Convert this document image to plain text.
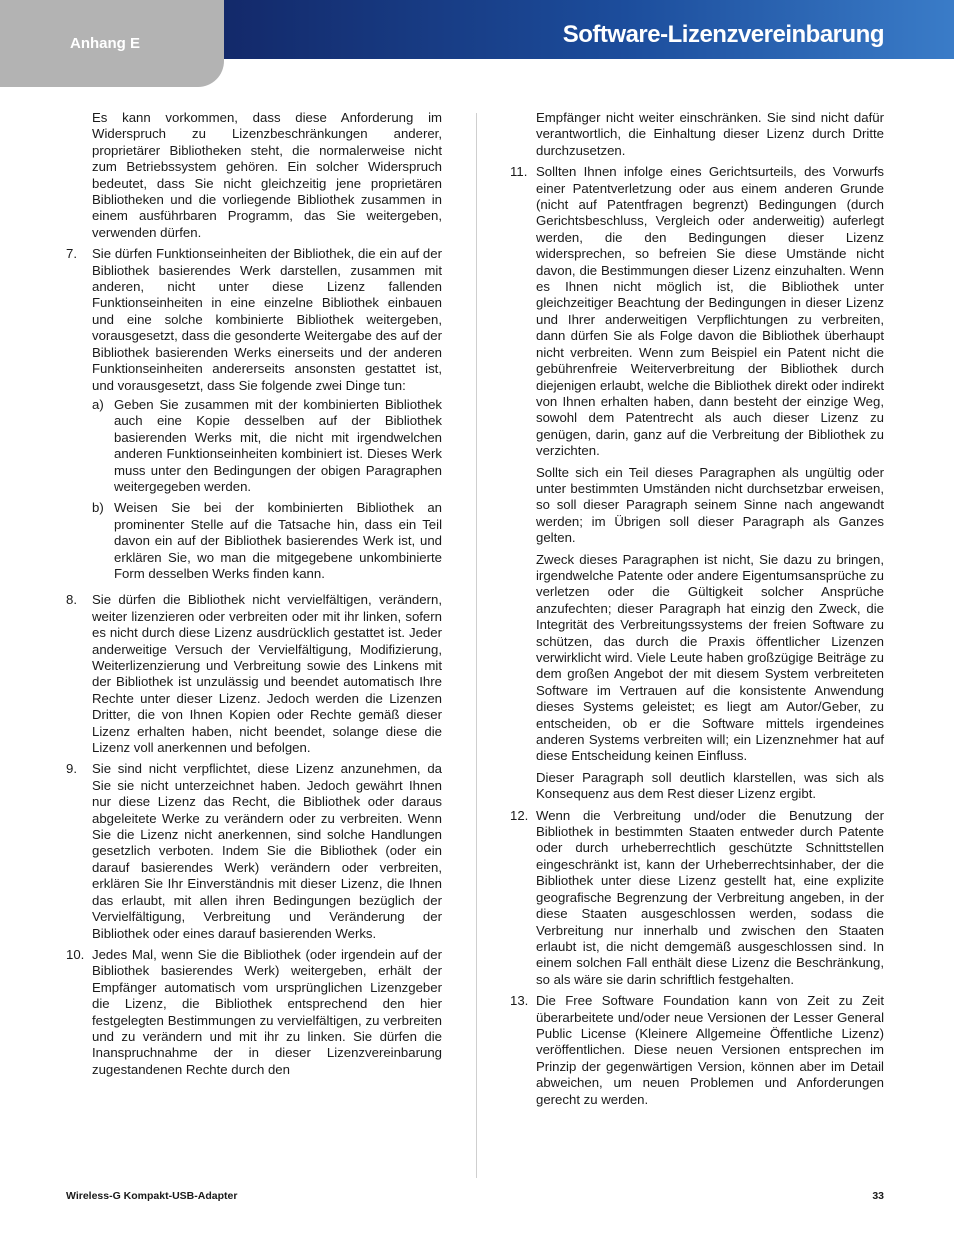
Anhang E	Software-Lizenzvereinbarung

Es kann vorkommen, dass diese Anforderung im Widerspruch zu Lizenzbeschränkungen anderer, proprietärer Bibliotheken steht, die normalerweise nicht zum Betriebssystem gehören. Ein solcher Widerspruch bedeutet, dass Sie nicht gleichzeitig jene proprietären Bibliotheken und die vorliegende Bibliothek zusammen in einem ausführbaren Programm, das Sie weitergeben, verwenden dürfen.

7.	Sie dürfen Funktionseinheiten der Bibliothek, die ein auf der Bibliothek basierendes Werk darstellen, zusammen mit anderen, nicht unter diese Lizenz fallenden Funktionseinheiten in eine einzelne Bibliothek einbauen und eine solche kombinierte Bibliothek weitergeben, vorausgesetzt, dass die gesonderte Weitergabe des auf der Bibliothek basierenden Werks einerseits und der anderen Funktionseinheiten andererseits ansonsten gestattet ist, und vorausgesetzt, dass Sie folgende zwei Dinge tun:
a) Geben Sie zusammen mit der kombinierten Bibliothek auch eine Kopie desselben auf der Bibliothek basierenden Werks mit, die nicht mit irgendwelchen anderen Funktionseinheiten kombiniert ist. Dieses Werk muss unter den Bedingungen der obigen Paragraphen weitergegeben werden.
b) Weisen Sie bei der kombinierten Bibliothek an prominenter Stelle auf die Tatsache hin, dass ein Teil davon ein auf der Bibliothek basierendes Werk ist, und erklären Sie, wo man die mitgegebene unkombinierte Form desselben Werks finden kann.
8.	Sie dürfen die Bibliothek nicht vervielfältigen, verändern, weiter lizenzieren oder verbreiten oder mit ihr linken, sofern es nicht durch diese Lizenz ausdrücklich gestattet ist. Jeder anderweitige Versuch der Vervielfältigung, Modifizierung, Weiterlizenzierung und Verbreitung sowie des Linkens mit der Bibliothek ist unzulässig und beendet automatisch Ihre Rechte unter dieser Lizenz. Jedoch werden die Lizenzen Dritter, die von Ihnen Kopien oder Rechte gemäß dieser Lizenz erhalten haben, nicht beendet, solange diese die Lizenz voll anerkennen und befolgen.
9.	Sie sind nicht verpflichtet, diese Lizenz anzunehmen, da Sie sie nicht unterzeichnet haben. Jedoch gewährt Ihnen nur diese Lizenz das Recht, die Bibliothek oder daraus abgeleitete Werke zu verändern oder zu verbreiten. Wenn Sie die Lizenz nicht anerkennen, sind solche Handlungen gesetzlich verboten. Indem Sie die Bibliothek (oder ein darauf basierendes Werk) verändern oder verbreiten, erklären Sie Ihr Einverständnis mit dieser Lizenz, die Ihnen das erlaubt, mit allen ihren Bedingungen bezüglich der Vervielfältigung, Verbreitung und Veränderung der Bibliothek oder eines darauf basierenden Werks.
10. Jedes Mal, wenn Sie die Bibliothek (oder irgendein auf der Bibliothek basierendes Werk) weitergeben, erhält der Empfänger automatisch vom ursprünglichen Lizenzgeber die Lizenz, die Bibliothek entsprechend den hier festgelegten Bestimmungen zu vervielfältigen, zu verbreiten und zu verändern und mit ihr zu linken. Sie dürfen die Inanspruchnahme der in dieser Lizenzvereinbarung zugestandenen Rechte durch den

Empfänger nicht weiter einschränken. Sie sind nicht dafür verantwortlich, die Einhaltung dieser Lizenz durch Dritte durchzusetzen.

11. Sollten Ihnen infolge eines Gerichtsurteils, des Vorwurfs einer Patentverletzung oder aus einem anderen Grunde (nicht auf Patentfragen begrenzt) Bedingungen (durch Gerichtsbeschluss, Vergleich oder anderweitig) auferlegt werden, die den Bedingungen dieser Lizenz widersprechen, so befreien Sie diese Umstände nicht davon, die Bestimmungen dieser Lizenz einzuhalten. Wenn es Ihnen nicht möglich ist, die Bibliothek unter gleichzeitiger Beachtung der Bedingungen in dieser Lizenz und Ihrer anderweitigen Verpflichtungen zu verbreiten, dann dürfen Sie als Folge davon die Bibliothek überhaupt nicht verbreiten. Wenn zum Beispiel ein Patent nicht die gebührenfreie Weiterverbreitung der Bibliothek durch diejenigen erlaubt, welche die Bibliothek direkt oder indirekt von Ihnen erhalten haben, dann besteht der einzige Weg, sowohl dem Patentrecht als auch dieser Lizenz zu genügen, darin, ganz auf die Verbreitung der Bibliothek zu verzichten.

Sollte sich ein Teil dieses Paragraphen als ungültig oder unter bestimmten Umständen nicht durchsetzbar erweisen, so soll dieser Paragraph seinem Sinne nach angewandt werden; im Übrigen soll dieser Paragraph als Ganzes gelten.

Zweck dieses Paragraphen ist nicht, Sie dazu zu bringen, irgendwelche Patente oder andere Eigentumsansprüche zu verletzen oder die Gültigkeit solcher Ansprüche anzufechten; dieser Paragraph hat einzig den Zweck, die Integrität des Verbreitungssystems der freien Software zu schützen, das durch die Praxis öffentlicher Lizenzen verwirklicht wird. Viele Leute haben großzügige Beiträge zu dem großen Angebot der mit diesem System verbreiteten Software im Vertrauen auf die konsistente Anwendung dieses Systems geleistet; es liegt am Autor/Geber, zu entscheiden, ob er die Software mittels irgendeines anderen Systems verbreiten will; ein Lizenznehmer hat auf diese Entscheidung keinen Einfluss.

Dieser Paragraph soll deutlich klarstellen, was sich als Konsequenz aus dem Rest dieser Lizenz ergibt.

12. Wenn die Verbreitung und/oder die Benutzung der Bibliothek in bestimmten Staaten entweder durch Patente oder durch urheberrechtlich geschützte Schnittstellen eingeschränkt ist, kann der Urheberrechtsinhaber, der die Bibliothek unter diese Lizenz gestellt hat, eine explizite geografische Begrenzung der Verbreitung angeben, in der diese Staaten ausgeschlossen werden, sodass die Verbreitung nur innerhalb und zwischen den Staaten erlaubt ist, die nicht demgemäß ausgeschlossen sind. In einem solchen Fall enthält diese Lizenz die Beschränkung, so als wäre sie darin schriftlich festgehalten.
13. Die Free Software Foundation kann von Zeit zu Zeit überarbeitete und/oder neue Versionen der Lesser General Public License (Kleinere Allgemeine Öffentliche Lizenz) veröffentlichen. Diese neuen Versionen entsprechen im Prinzip der gegenwärtigen Version, können aber im Detail abweichen, um neuen Problemen und Anforderungen gerecht zu werden.
Wireless-G Kompakt-USB-Adapter	33
